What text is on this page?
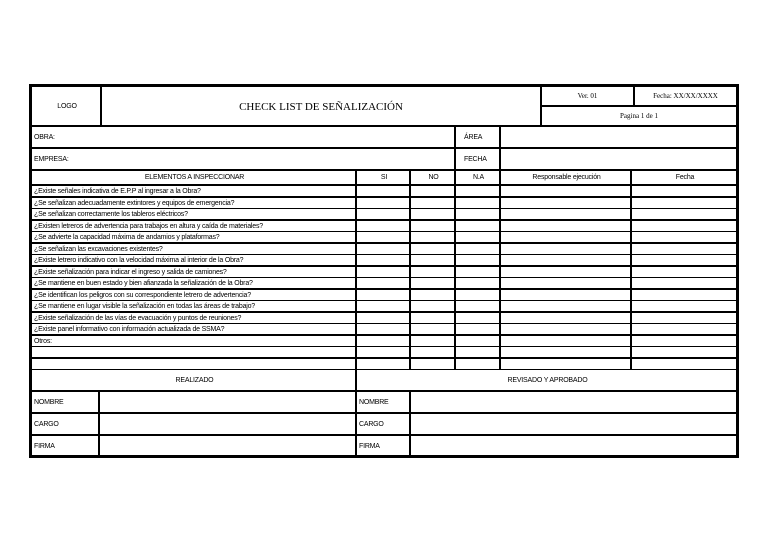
LOGO	CHECK LIST DE SEÑALIZACIÓN
Ver. 01	Fecha: XX/XX/XXXX
Pagina 1 de 1
OBRA:	ÁREA
EMPRESA:	FECHA
ELEMENTOS A INSPECCIONAR	SI	NO	N.A	Responsable ejecución	Fecha
¿Existe señales indicativa de E.P.P al ingresar a la Obra?
¿Se señalizan adecuadamente extintores y equipos de emergencia?
¿Se señalizan correctamente los tableros eléctricos?
¿Existen letreros de advertencia para trabajos en altura y caída de materiales?
¿Se advierte la capacidad máxima de andamios y plataformas?
¿Se señalizan las excavaciones existentes?
¿Existe letrero indicativo con la velocidad máxima al interior de la Obra?
¿Existe señalización para indicar el ingreso y salida de camiones?
¿Se mantiene en buen estado y bien afianzada la señalización de la Obra?
¿Se identifican los peligros con su correspondiente letrero de advertencia?
¿Se mantiene en lugar visible la señalización en todas las áreas de trabajo?
¿Existe señalización de las vías de evacuación y puntos de reuniones?
¿Existe panel informativo con información actualizada de SSMA?
Otros:
REALIZADO	REVISADO Y APROBADO
NOMBRE	NOMBRE
CARGO	CARGO
FIRMA	FIRMA
